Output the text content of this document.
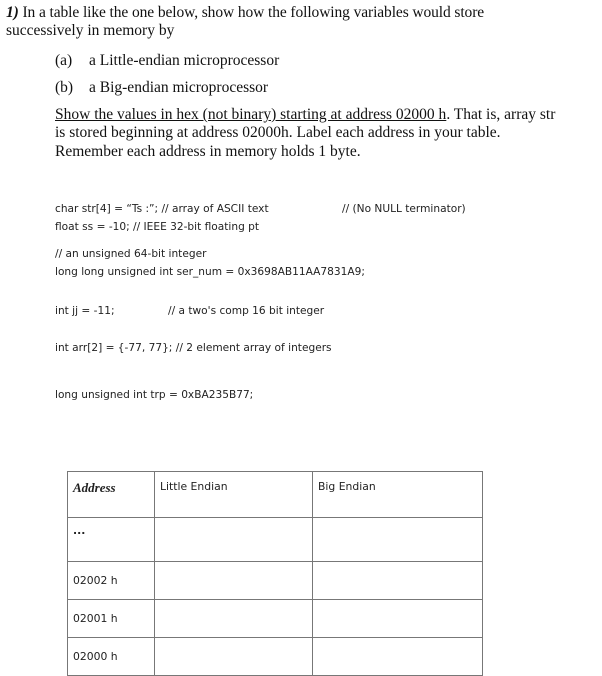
1) In a table like the one below, show how the following variables would store
successively in memory by
(a) a Little-endian microprocessor
(b) a Big-endian microprocessor
Show the values in hex (not binary) starting at address 02000 h. That is, array str
is stored beginning at address 02000h. Label each address in your table.
Remember each address in memory holds 1 byte.
char str[4] = “Ts :”; // array of ASCII text	// (No NULL terminator)
float ss = -10; // IEEE 32-bit floating pt
// an unsigned 64-bit integer
long long unsigned int ser_num = 0x3698AB11AA7831A9;
int jj = -11;	// a two's comp 16 bit integer
int arr[2] = {-77, 77}; // 2 element array of integers
long unsigned int trp = 0xBA235B77;
Address	Little Endian	Big Endian
...		
02002 h		
02001 h		
02000 h		
